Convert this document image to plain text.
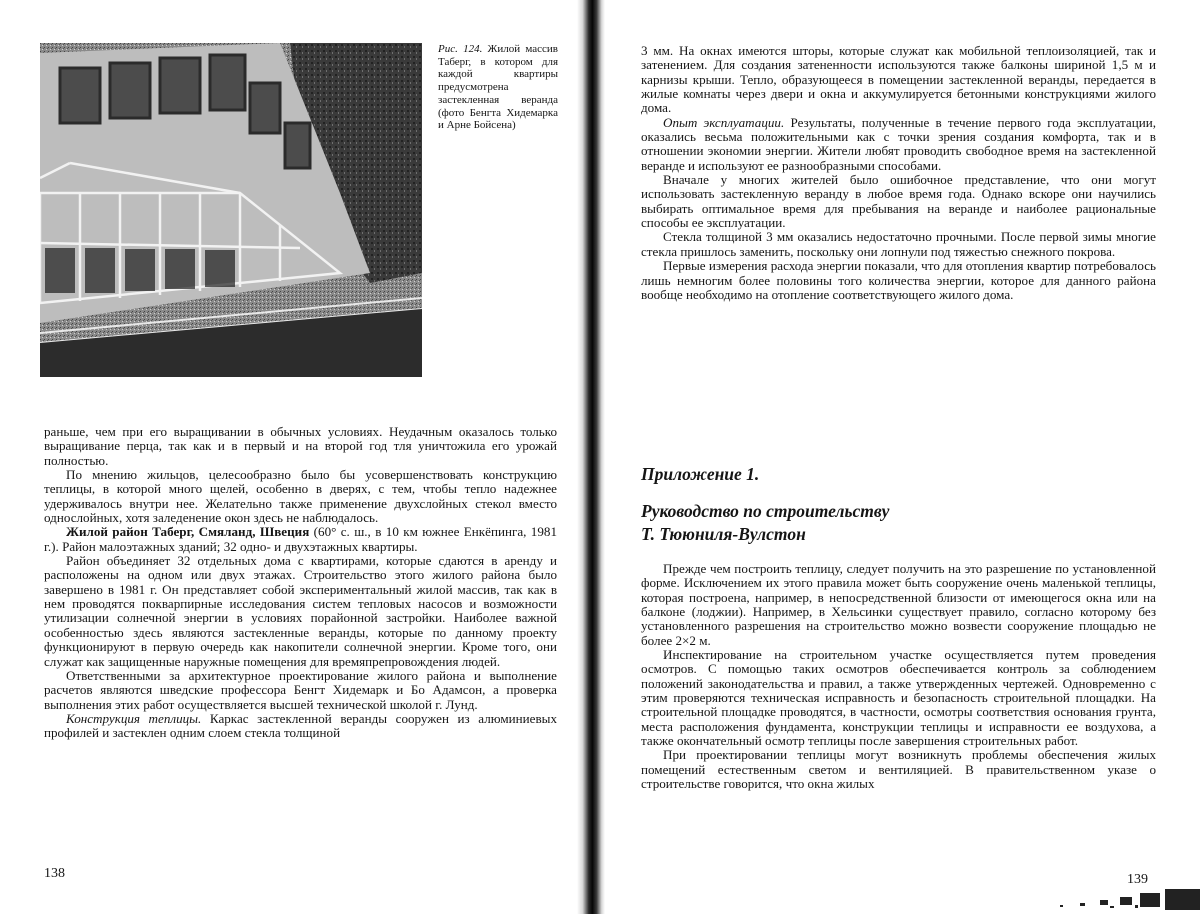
Рис. 124. Жилой массив Таберг, в котором для каждой квартиры предусмотрена застекленная веранда (фото Бенгта Хидемарка и Арне Бойсена)

раньше, чем при его выращивании в обычных условиях. Неудачным оказалось только выращивание перца, так как и в первый и на второй год тля уничтожила его урожай полностью.

По мнению жильцов, целесообразно было бы усовершенствовать конструкцию теплицы, в которой много щелей, особенно в дверях, с тем, чтобы тепло надежнее удерживалось внутри нее. Желательно также применение двухслойных стекол вместо однослойных, хотя заледенение окон здесь не наблюдалось.

Жилой район Таберг, Смяланд, Швеция (60° с. ш., в 10 км южнее Енкёпинга, 1981 г.). Район малоэтажных зданий; 32 одно- и двухэтажных квартиры.

Район объединяет 32 отдельных дома с квартирами, которые сдаются в аренду и расположены на одном или двух этажах. Строительство этого жилого района было завершено в 1981 г. Он представляет собой экспериментальный жилой массив, так как в нем проводятся покварпирные исследования систем тепловых насосов и возможности утилизации солнечной энергии в условиях порайонной застройки. Наиболее важной особенностью здесь являются застекленные веранды, которые по данному проекту функционируют в первую очередь как накопители солнечной энергии. Кроме того, они служат как защищенные наружные помещения для времяпрепровождения людей.

Ответственными за архитектурное проектирование жилого района и выполнение расчетов являются шведские профессора Бенгт Хидемарк и Бо Адамсон, а проверка выполнения этих работ осуществляется высшей технической школой г. Лунд.

Конструкция теплицы. Каркас застекленной веранды сооружен из алюминиевых профилей и застеклен одним слоем стекла толщиной

138

3 мм. На окнах имеются шторы, которые служат как мобильной теплоизоляцией, так и затенением. Для создания затененности используются также балконы шириной 1,5 м и карнизы крыши. Тепло, образующееся в помещении застекленной веранды, передается в жилые комнаты через двери и окна и аккумулируется бетонными конструкциями жилого дома.

Опыт эксплуатации. Результаты, полученные в течение первого года эксплуатации, оказались весьма положительными как с точки зрения создания комфорта, так и в отношении экономии энергии. Жители любят проводить свободное время на застекленной веранде и используют ее разнообразными способами.

Вначале у многих жителей было ошибочное представление, что они могут использовать застекленную веранду в любое время года. Однако вскоре они научились выбирать оптимальное время для пребывания на веранде и наиболее рациональные способы ее эксплуатации.

Стекла толщиной 3 мм оказались недостаточно прочными. После первой зимы многие стекла пришлось заменить, поскольку они лопнули под тяжестью снежного покрова.

Первые измерения расхода энергии показали, что для отопления квартир потребовалось лишь немногим более половины того количества энергии, которое для данного района вообще необходимо на отопление соответствующего жилого дома.

Приложение 1.

Руководство по строительству
Т. Тююниля-Вулстон

Прежде чем построить теплицу, следует получить на это разрешение по установленной форме. Исключением их этого правила может быть сооружение очень маленькой теплицы, которая построена, например, в непосредственной близости от имеющегося окна или на балконе (лоджии). Например, в Хельсинки существует правило, согласно которому без установленного разрешения на строительство можно возвести сооружение площадью не более 2×2 м.

Инспектирование на строительном участке осуществляется путем проведения осмотров. С помощью таких осмотров обеспечивается контроль за соблюдением положений законодательства и правил, а также утвержденных чертежей. Одновременно с этим проверяются техническая исправность и безопасность строительной площадки. На строительной площадке проводятся, в частности, осмотры соответствия основания грунта, места расположения фундамента, конструкции теплицы и исправности ее воздухова, а также окончательный осмотр теплицы после завершения строительных работ.

При проектировании теплицы могут возникнуть проблемы обеспечения жилых помещений естественным светом и вентиляцией. В правительственном указе о строительстве говорится, что окна жилых

139
